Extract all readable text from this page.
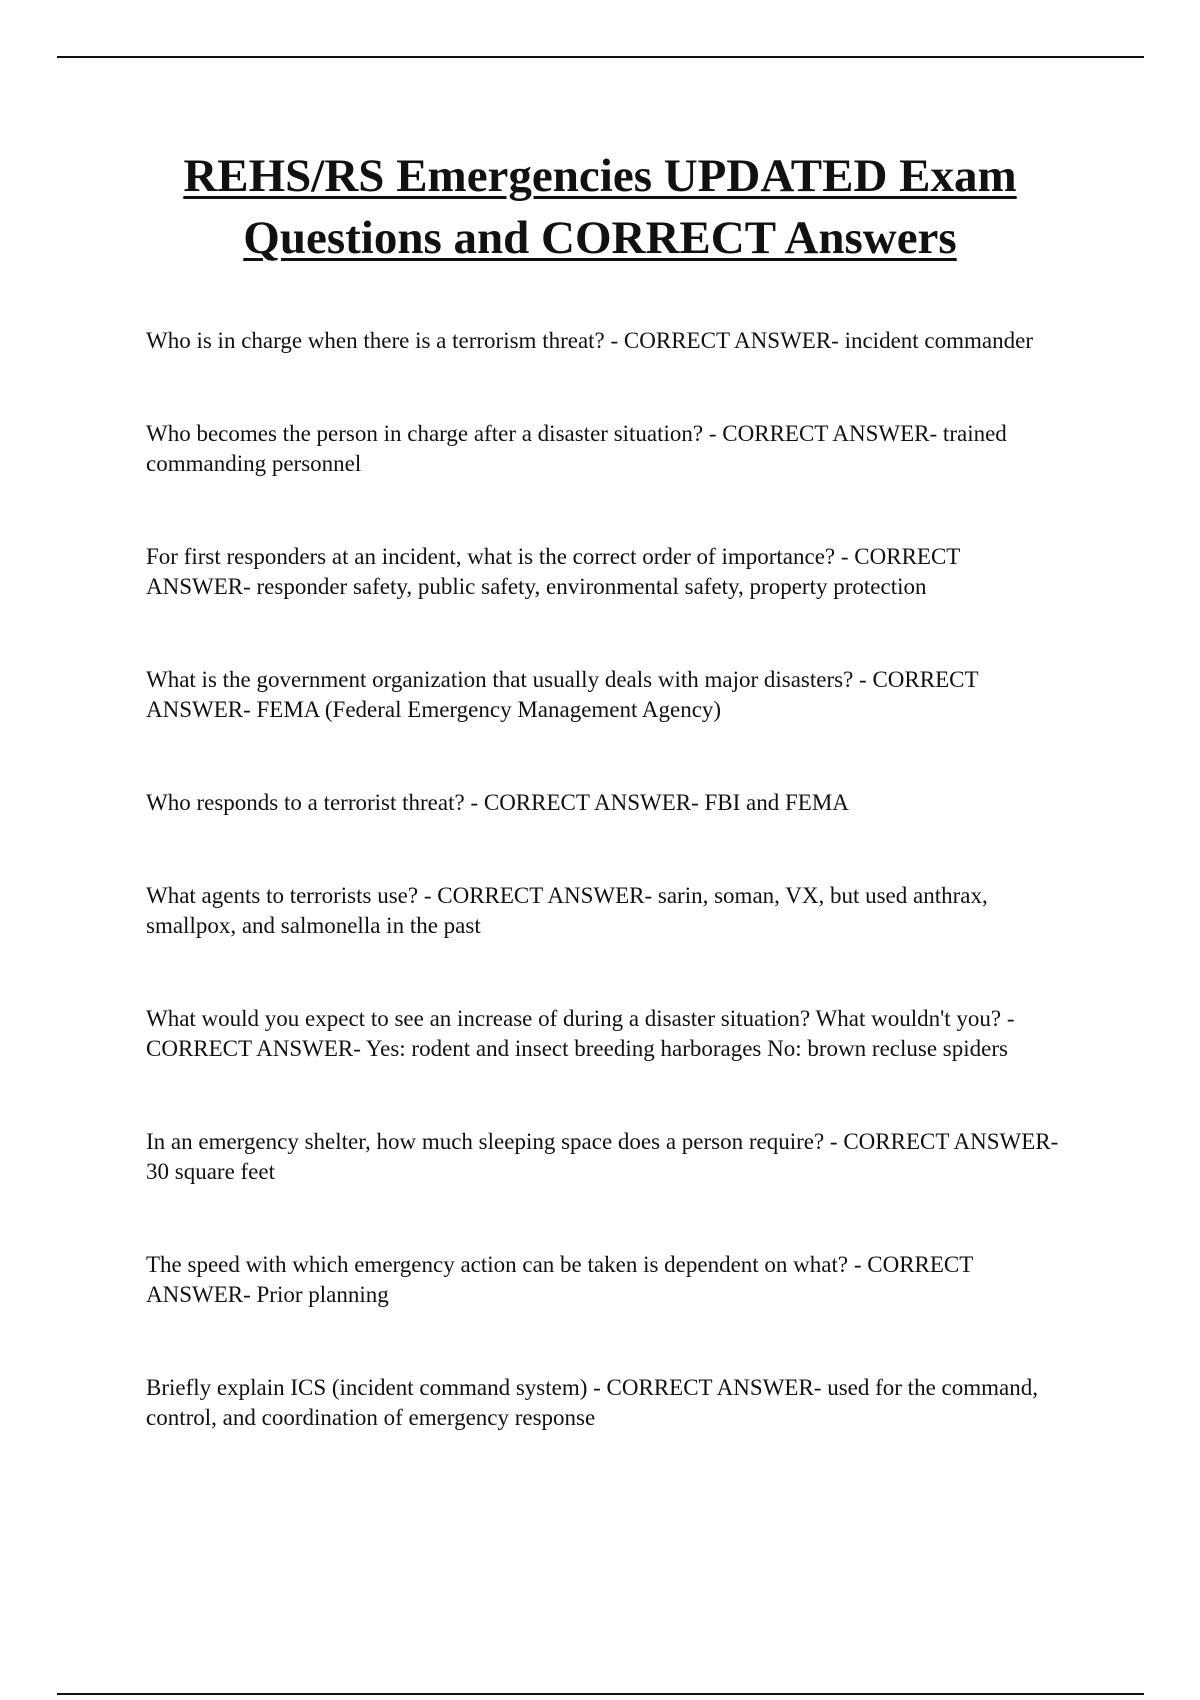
REHS/RS Emergencies UPDATED Exam
Questions and CORRECT Answers
Who is in charge when there is a terrorism threat? - CORRECT ANSWER- incident commander
Who becomes the person in charge after a disaster situation? - CORRECT ANSWER- trained commanding personnel
For first responders at an incident, what is the correct order of importance? - CORRECT ANSWER- responder safety, public safety, environmental safety, property protection
What is the government organization that usually deals with major disasters? - CORRECT ANSWER- FEMA (Federal Emergency Management Agency)
Who responds to a terrorist threat? - CORRECT ANSWER- FBI and FEMA
What agents to terrorists use? - CORRECT ANSWER- sarin, soman, VX, but used anthrax, smallpox, and salmonella in the past
What would you expect to see an increase of during a disaster situation? What wouldn't you? - CORRECT ANSWER- Yes: rodent and insect breeding harborages No: brown recluse spiders
In an emergency shelter, how much sleeping space does a person require? - CORRECT ANSWER- 30 square feet
The speed with which emergency action can be taken is dependent on what? - CORRECT ANSWER- Prior planning
Briefly explain ICS (incident command system) - CORRECT ANSWER- used for the command, control, and coordination of emergency response
